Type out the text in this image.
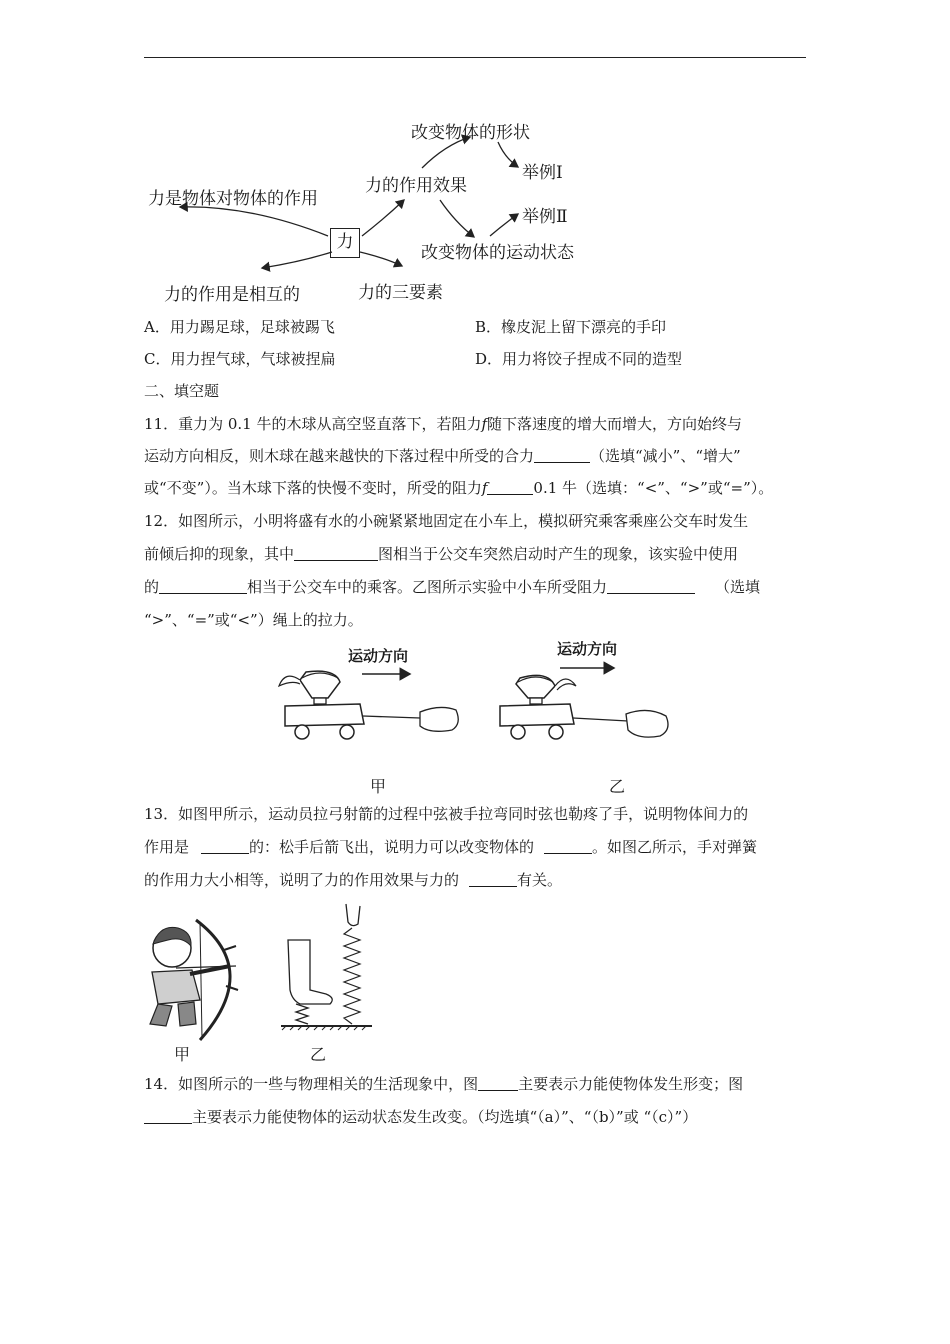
力
力是物体对物体的作用
力的作用是相互的
力的作用效果
力的三要素
改变物体的形状
改变物体的运动状态
举例Ⅰ
举例Ⅱ
A．用力踢足球，足球被踢飞	B．橡皮泥上留下漂亮的手印
C．用力捏气球，气球被捏扁	D．用力将饺子捏成不同的造型
二、填空题
11．重力为 0.1 牛的木球从高空竖直落下，若阻力f随下落速度的增大而增大，方向始终与
运动方向相反，则木球在越来越快的下落过程中所受的合力	（选填“减小”、“增大”
或“不变”）。当木球下落的快慢不变时，所受的阻力f	0.1 牛（选填：“<”、“>”或“=”）。
12．如图所示，小明将盛有水的小碗紧紧地固定在小车上，模拟研究乘客乘座公交车时发生
前倾后抑的现象，其中	图相当于公交车突然启动时产生的现象，该实验中使用
的	相当于公交车中的乘客。乙图所示实验中小车所受阻力	（选填
“>”、“=”或“<”）绳上的拉力。
运动方向	运动方向
甲	乙
13．如图甲所示，运动员拉弓射箭的过程中弦被手拉弯同时弦也勒疼了手，说明物体间力的
作用是	的：松手后箭飞出，说明力可以改变物体的	。如图乙所示，手对弹簧
的作用力大小相等，说明了力的作用效果与力的	有关。
甲	乙
14．如图所示的一些与物理相关的生活现象中，图	主要表示力能使物体发生形变；图
主要表示力能使物体的运动状态发生改变。（均选填“（a）”、“（b）”或 “（c）”）
